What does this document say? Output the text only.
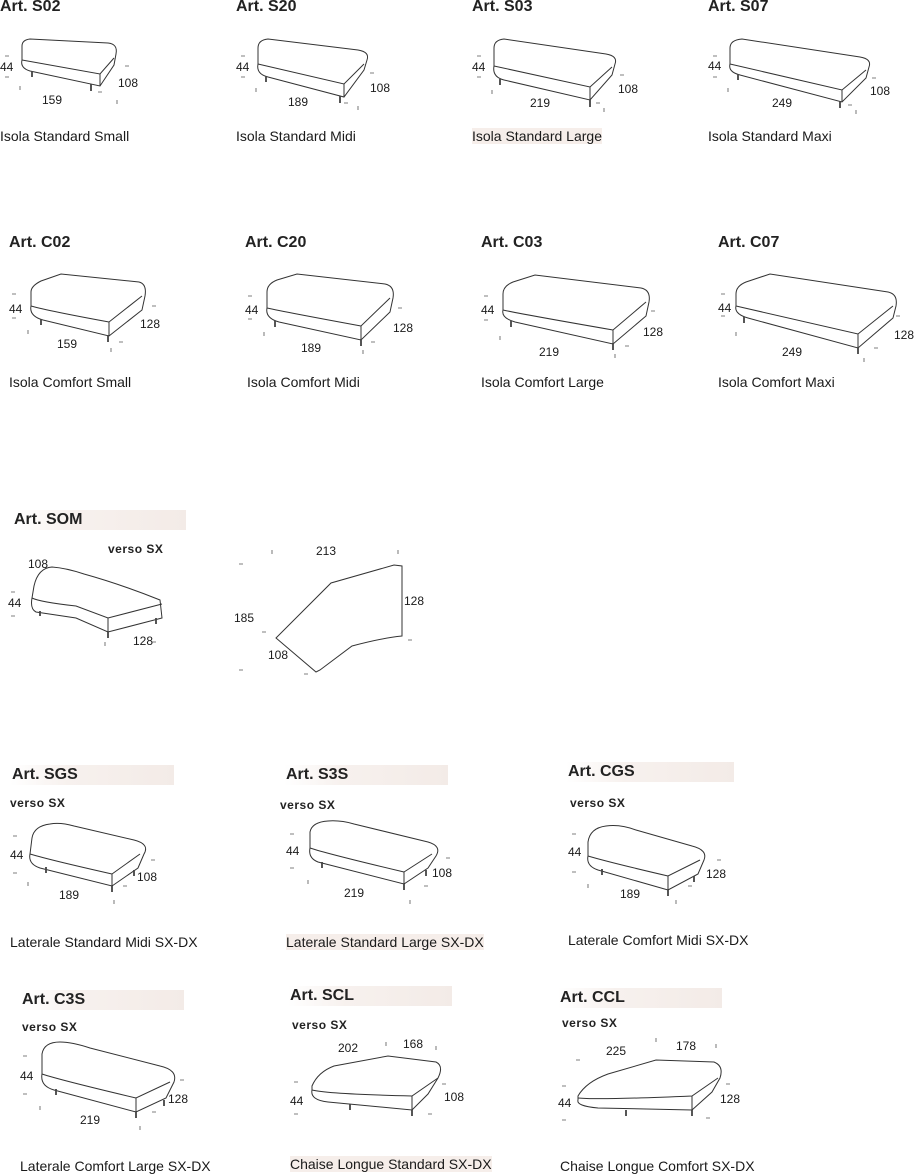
Art. S02
44
159
108
Isola Standard Small
Art. S20
44
189
108
Isola Standard Midi
Art. S03
44
219
108
Isola Standard Large
Art. S07
44
249
108
Isola Standard Maxi
Art. C02
44
159
128
Isola Comfort Small
Art. C20
44
189
128
Isola Comfort Midi
Art. C03
44
219
128
Isola Comfort Large
Art. C07
44
249
128
Isola Comfort Maxi
Art. SOM
verso SX
108
44
128
213
128
185
108
Art. SGS
verso SX
44
189
108
Laterale Standard Midi SX-DX
Art. S3S
verso SX
44
219
108
Laterale Standard Large SX-DX
Art. CGS
verso SX
44
189
128
Laterale Comfort Midi SX-DX
Art. C3S
verso SX
44
219
128
Laterale Comfort Large SX-DX
Art. SCL
verso SX
44
202	168
108
Chaise Longue Standard SX-DX
Art. CCL
verso SX
44
225	178
128
Chaise Longue Comfort SX-DX
